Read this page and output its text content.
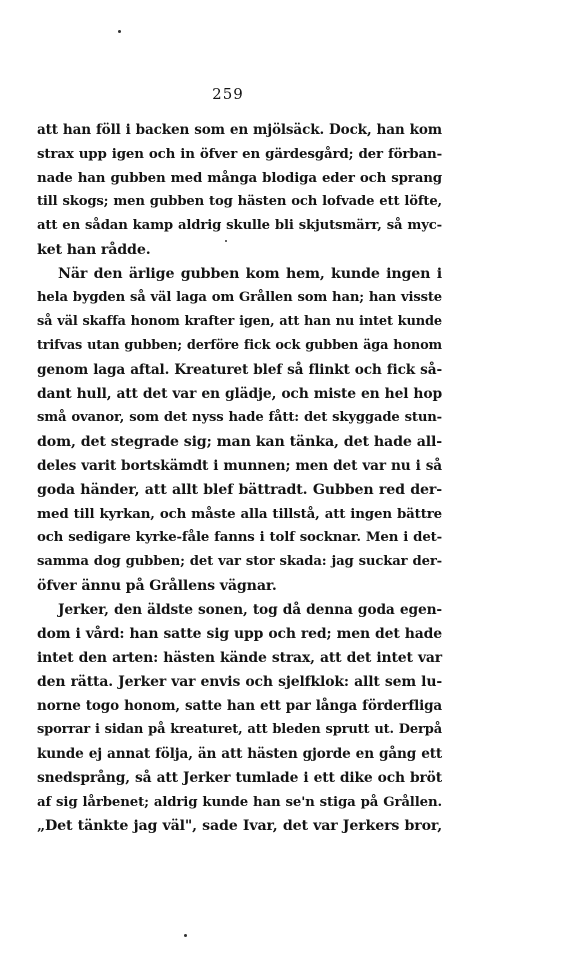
259
att han föll i backen som en mjölsäck. Dock, han kom
strax upp igen och in öfver en gärdesgård; der förban-
nade han gubben med många blodiga eder och sprang
till skogs; men gubben tog hästen och lofvade ett löfte,
att en sådan kamp aldrig skulle bli skjutsmärr, så myc-
ket han rådde.
När den ärlige gubben kom hem, kunde ingen i
hela bygden så väl laga om Grållen som han; han visste
så väl skaffa honom krafter igen, att han nu intet kunde
trifvas utan gubben; derföre fick ock gubben äga honom
genom laga aftal. Kreaturet blef så flinkt och fick så-
dant hull, att det var en glädje, och miste en hel hop
små ovanor, som det nyss hade fått: det skyggade stun-
dom, det stegrade sig; man kan tänka, det hade all-
deles varit bortskämdt i munnen; men det var nu i så
goda händer, att allt blef bättradt. Gubben red der-
med till kyrkan, och måste alla tillstå, att ingen bättre
och sedigare kyrke-fåle fanns i tolf socknar. Men i det-
samma dog gubben; det var stor skada: jag suckar der-
öfver ännu på Grållens vägnar.
Jerker, den äldste sonen, tog då denna goda egen-
dom i vård: han satte sig upp och red; men det hade
intet den arten: hästen kände strax, att det intet var
den rätta. Jerker var envis och sjelfklok: allt sem lu-
norne togo honom, satte han ett par långa förderfliga
sporrar i sidan på kreaturet, att bleden sprutt ut. Derpå
kunde ej annat följa, än att hästen gjorde en gång ett
snedsprång, så att Jerker tumlade i ett dike och bröt
af sig lårbenet; aldrig kunde han se'n stiga på Grållen.
„Det tänkte jag väl", sade Ivar, det var Jerkers bror,
